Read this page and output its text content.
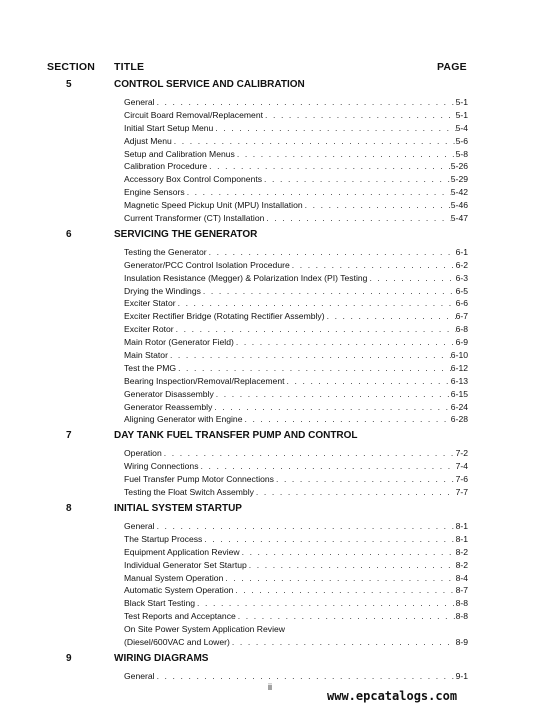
SECTION TITLE	PAGE
5	CONTROL SERVICE AND CALIBRATION
General . . .	5-1
Circuit Board Removal/Replacement . . .	5-1
Initial Start Setup Menu . . .	5-4
Adjust Menu . . .	5-6
Setup and Calibration Menus . . .	5-8
Calibration Procedure . . .	5-26
Accessory Box Control Components . . .	5-29
Engine Sensors . . .	5-42
Magnetic Speed Pickup Unit (MPU) Installation . . .	5-46
Current Transformer (CT) Installation . . .	5-47
6	SERVICING THE GENERATOR
Testing the Generator . . .	6-1
Generator/PCC Control Isolation Procedure . . .	6-2
Insulation Resistance (Megger) & Polarization Index (PI) Testing . . .	6-3
Drying the Windings . . .	6-5
Exciter Stator . . .	6-6
Exciter Rectifier Bridge (Rotating Rectifier Assembly) . . .	6-7
Exciter Rotor . . .	6-8
Main Rotor (Generator Field) . . .	6-9
Main Stator . . .	6-10
Test the PMG . . .	6-12
Bearing Inspection/Removal/Replacement . . .	6-13
Generator Disassembly . . .	6-15
Generator Reassembly . . .	6-24
Aligning Generator with Engine . . .	6-28
7	DAY TANK FUEL TRANSFER PUMP AND CONTROL
Operation . . .	7-2
Wiring Connections . . .	7-4
Fuel Transfer Pump Motor Connections . . .	7-6
Testing the Float Switch Assembly . . .	7-7
8	INITIAL SYSTEM STARTUP
General . . .	8-1
The Startup Process . . .	8-1
Equipment Application Review . . .	8-2
Individual Generator Set Startup . . .	8-2
Manual System Operation . . .	8-4
Automatic System Operation . . .	8-7
Black Start Testing . . .	8-8
Test Reports and Acceptance . . .	8-8
On Site Power System Application Review
(Diesel/600VAC and Lower) . . .	8-9
9	WIRING DIAGRAMS
General . . .	9-1
ii
www.epcatalogs.com
